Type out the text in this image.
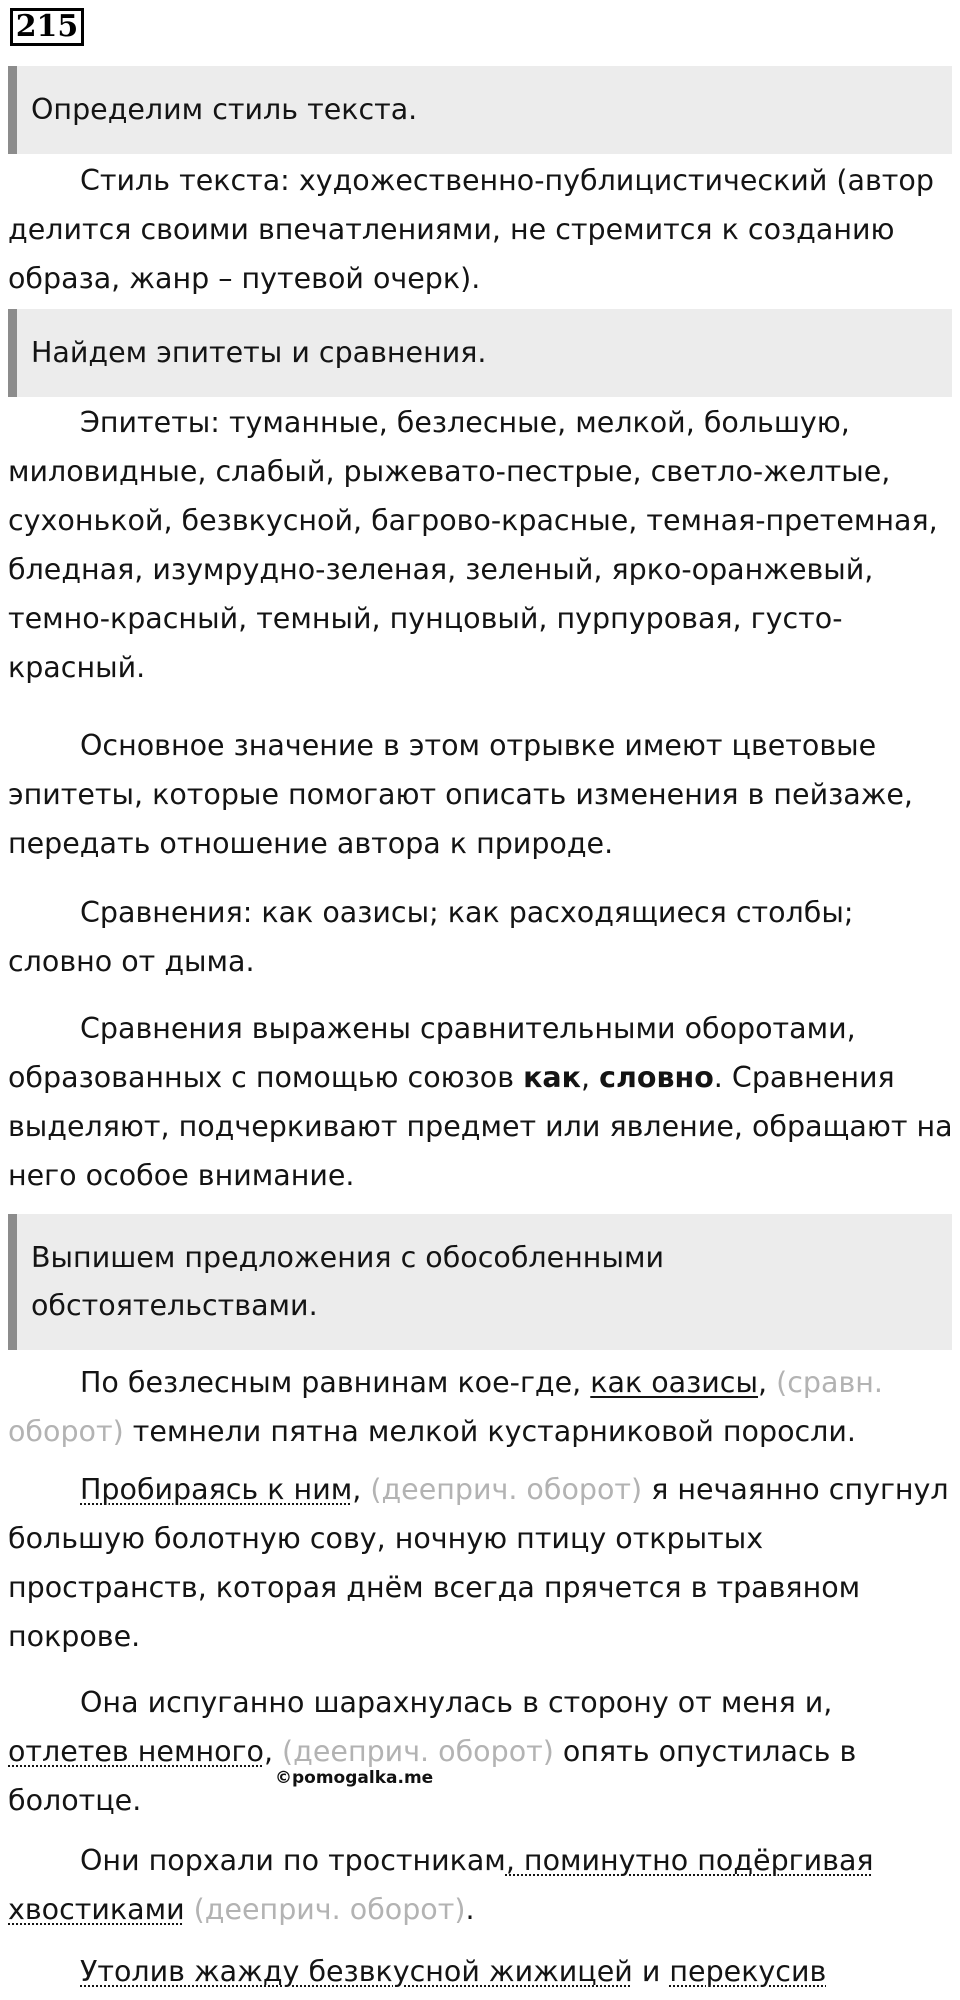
215
Определим стиль текста.

Стиль текста: художественно-публицистический (автор делится своими впечатлениями, не стремится к созданию образа, жанр – путевой очерк).

Найдем эпитеты и сравнения.

Эпитеты: туманные, безлесные, мелкой, большую, миловидные, слабый, рыжевато-пестрые, светло-желтые, сухонькой, безвкусной, багрово-красные, темная-претемная, бледная, изумрудно-зеленая, зеленый, ярко-оранжевый, темно-красный, темный, пунцовый, пурпуровая, густо-красный.

Основное значение в этом отрывке имеют цветовые эпитеты, которые помогают описать изменения в пейзаже, передать отношение автора к природе.

Сравнения: как оазисы; как расходящиеся столбы; словно от дыма.

Сравнения выражены сравнительными оборотами, образованных с помощью союзов как, словно. Сравнения выделяют, подчеркивают предмет или явление, обращают на него особое внимание.

Выпишем предложения с обособленными обстоятельствами.

По безлесным равнинам кое-где, как оазисы, (сравн. оборот) темнели пятна мелкой кустарниковой поросли.

Пробираясь к ним, (дееприч. оборот) я нечаянно спугнул большую болотную сову, ночную птицу открытых пространств, которая днём всегда прячется в травяном покрове.

Она испуганно шарахнулась в сторону от меня и, отлетев немного, (дееприч. оборот) опять опустилась в болотце.

©pomogalka.me

Они порхали по тростникам, поминутно подёргивая хвостиками (дееприч. оборот).

Утолив жажду безвкусной жижицей и перекусив
